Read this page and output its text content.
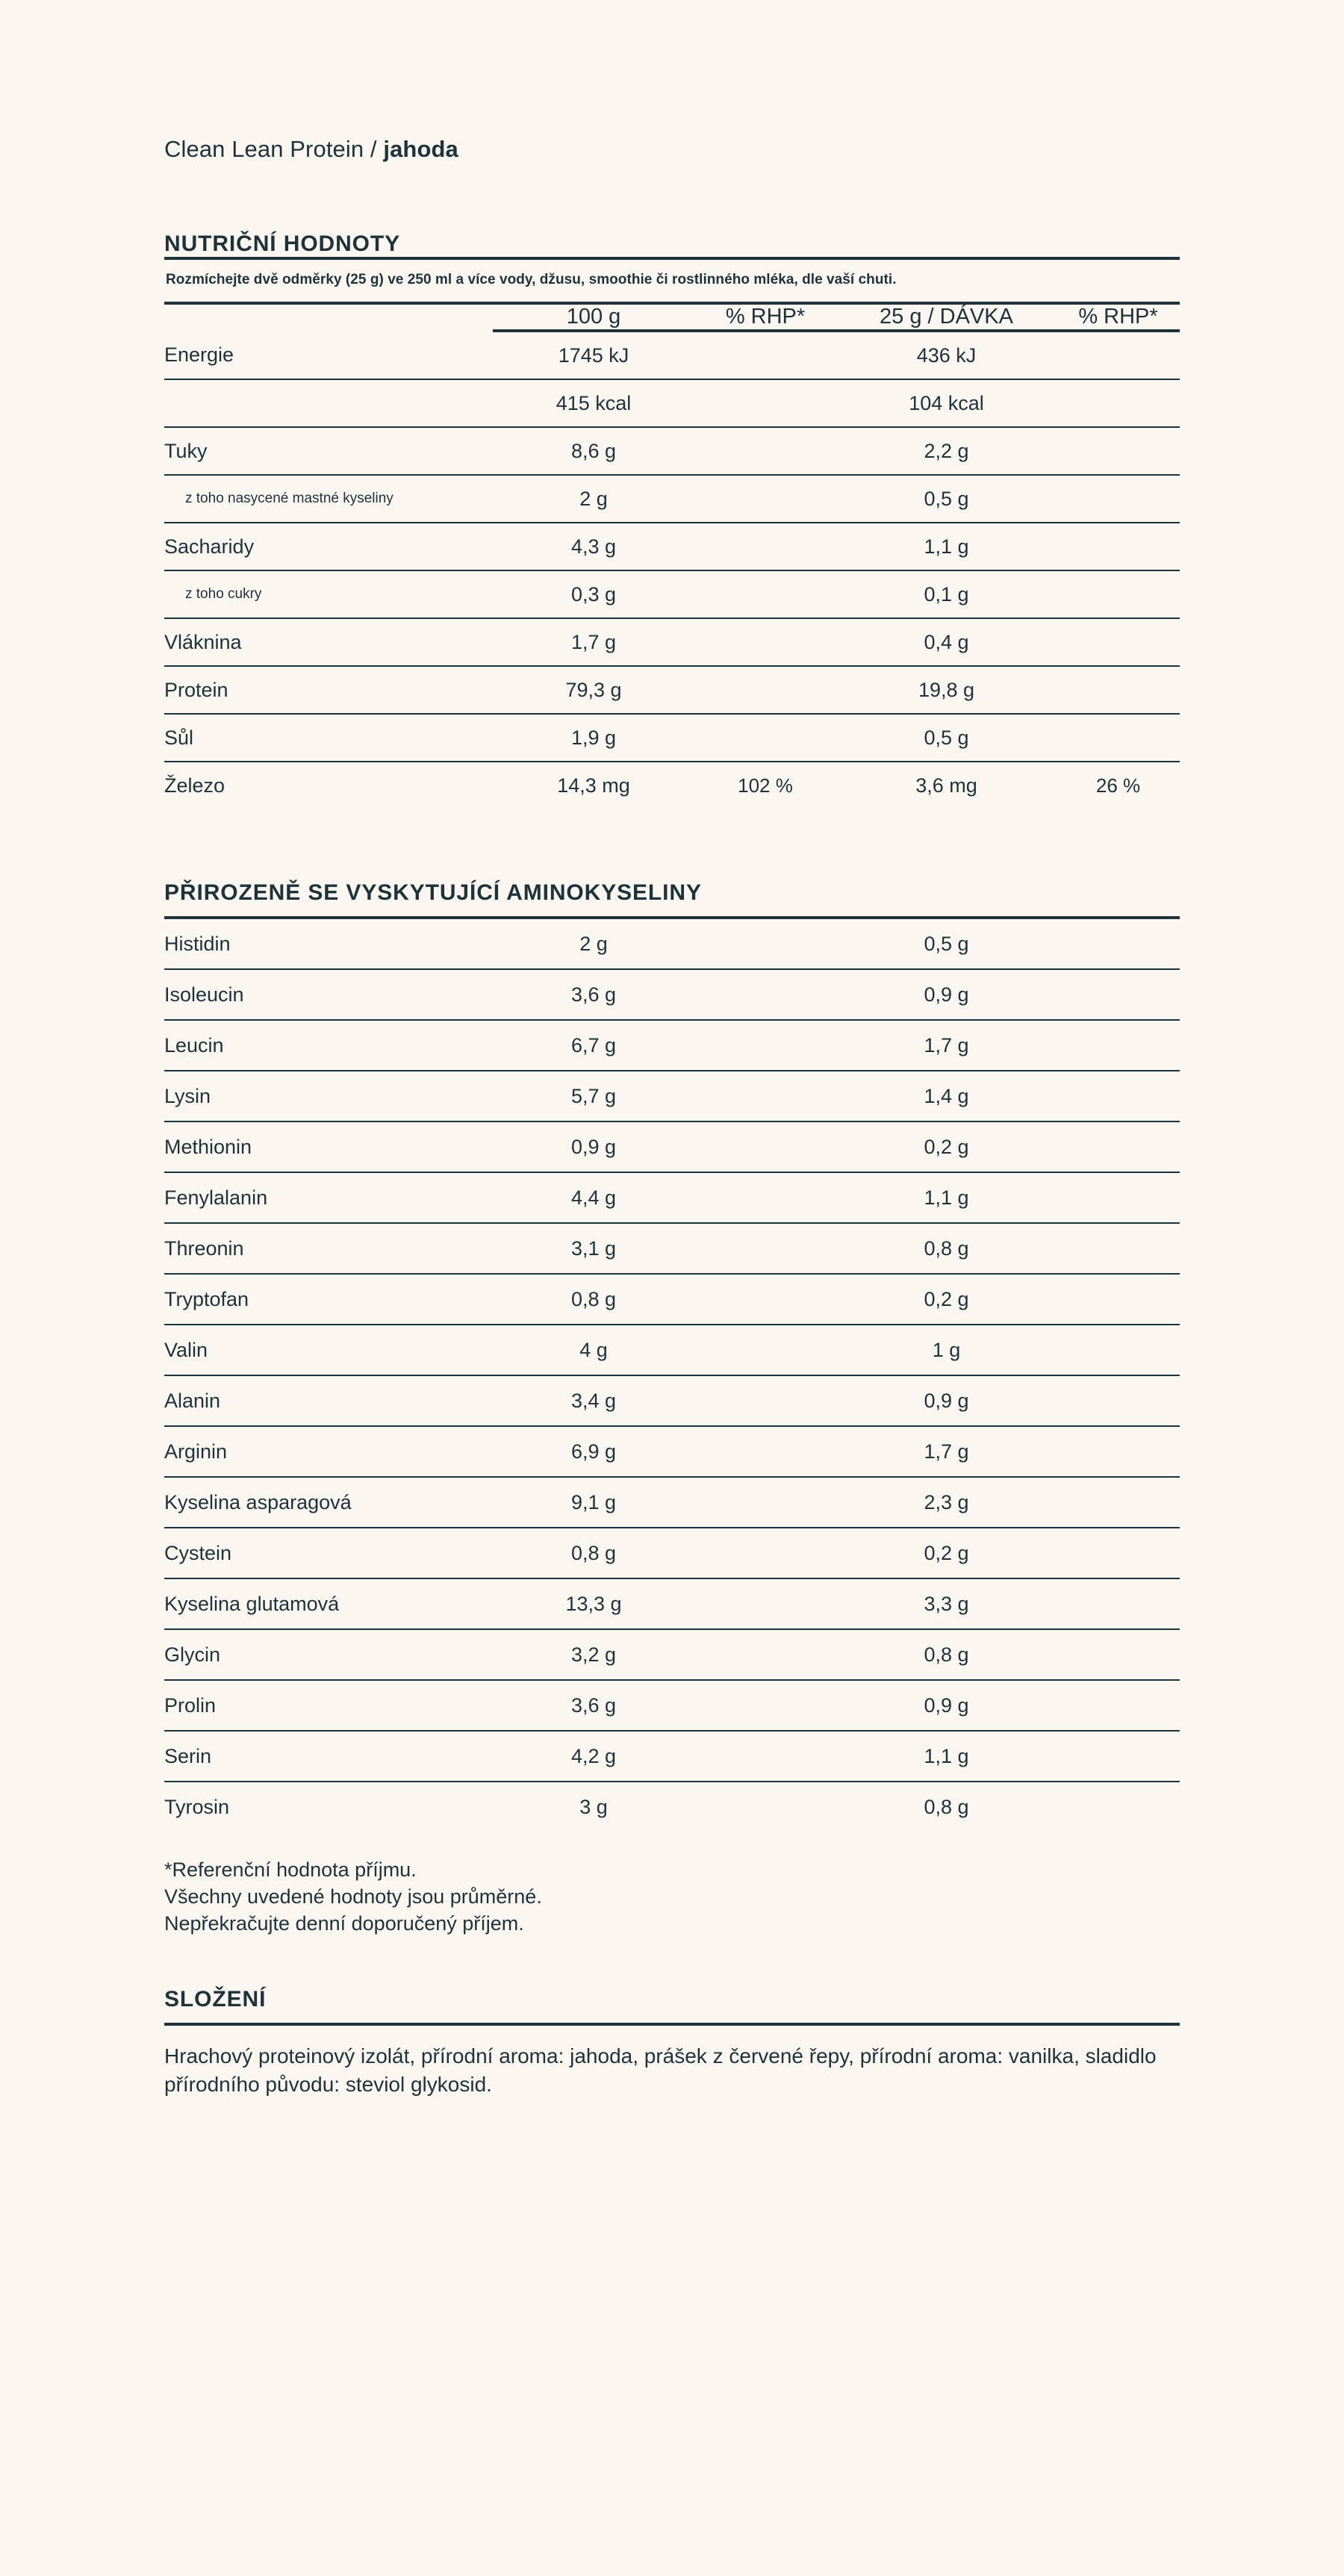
Clean Lean Protein / jahoda
NUTRIČNÍ HODNOTY
Rozmíchejte dvě odměrky (25 g) ve 250 ml a více vody, džusu, smoothie či rostlinného mléka, dle vaší chuti.
	100 g	% RHP*	25 g / DÁVKA	% RHP*
Energie	1745 kJ		436 kJ	
	415 kcal		104 kcal	
Tuky	8,6 g		2,2 g	
z toho nasycené mastné kyseliny	2 g		0,5 g	
Sacharidy	4,3 g		1,1 g	
z toho cukry	0,3 g		0,1 g	
Vláknina	1,7 g		0,4 g	
Protein	79,3 g		19,8 g	
Sůl	1,9 g		0,5 g	
Železo	14,3 mg	102 %	3,6 mg	26 %
PŘIROZENĚ SE VYSKYTUJÍCÍ AMINOKYSELINY
Histidin	2 g		0,5 g	
Isoleucin	3,6 g		0,9 g	
Leucin	6,7 g		1,7 g	
Lysin	5,7 g		1,4 g	
Methionin	0,9 g		0,2 g	
Fenylalanin	4,4 g		1,1 g	
Threonin	3,1 g		0,8 g	
Tryptofan	0,8 g		0,2 g	
Valin	4 g		1 g	
Alanin	3,4 g		0,9 g	
Arginin	6,9 g		1,7 g	
Kyselina asparagová	9,1 g		2,3 g	
Cystein	0,8 g		0,2 g	
Kyselina glutamová	13,3 g		3,3 g	
Glycin	3,2 g		0,8 g	
Prolin	3,6 g		0,9 g	
Serin	4,2 g		1,1 g	
Tyrosin	3 g		0,8 g	
*Referenční hodnota příjmu.
Všechny uvedené hodnoty jsou průměrné.
Nepřekračujte denní doporučený příjem.
SLOŽENÍ
Hrachový proteinový izolát, přírodní aroma: jahoda, prášek z červené řepy, přírodní aroma: vanilka, sladidlo přírodního původu: steviol glykosid.
